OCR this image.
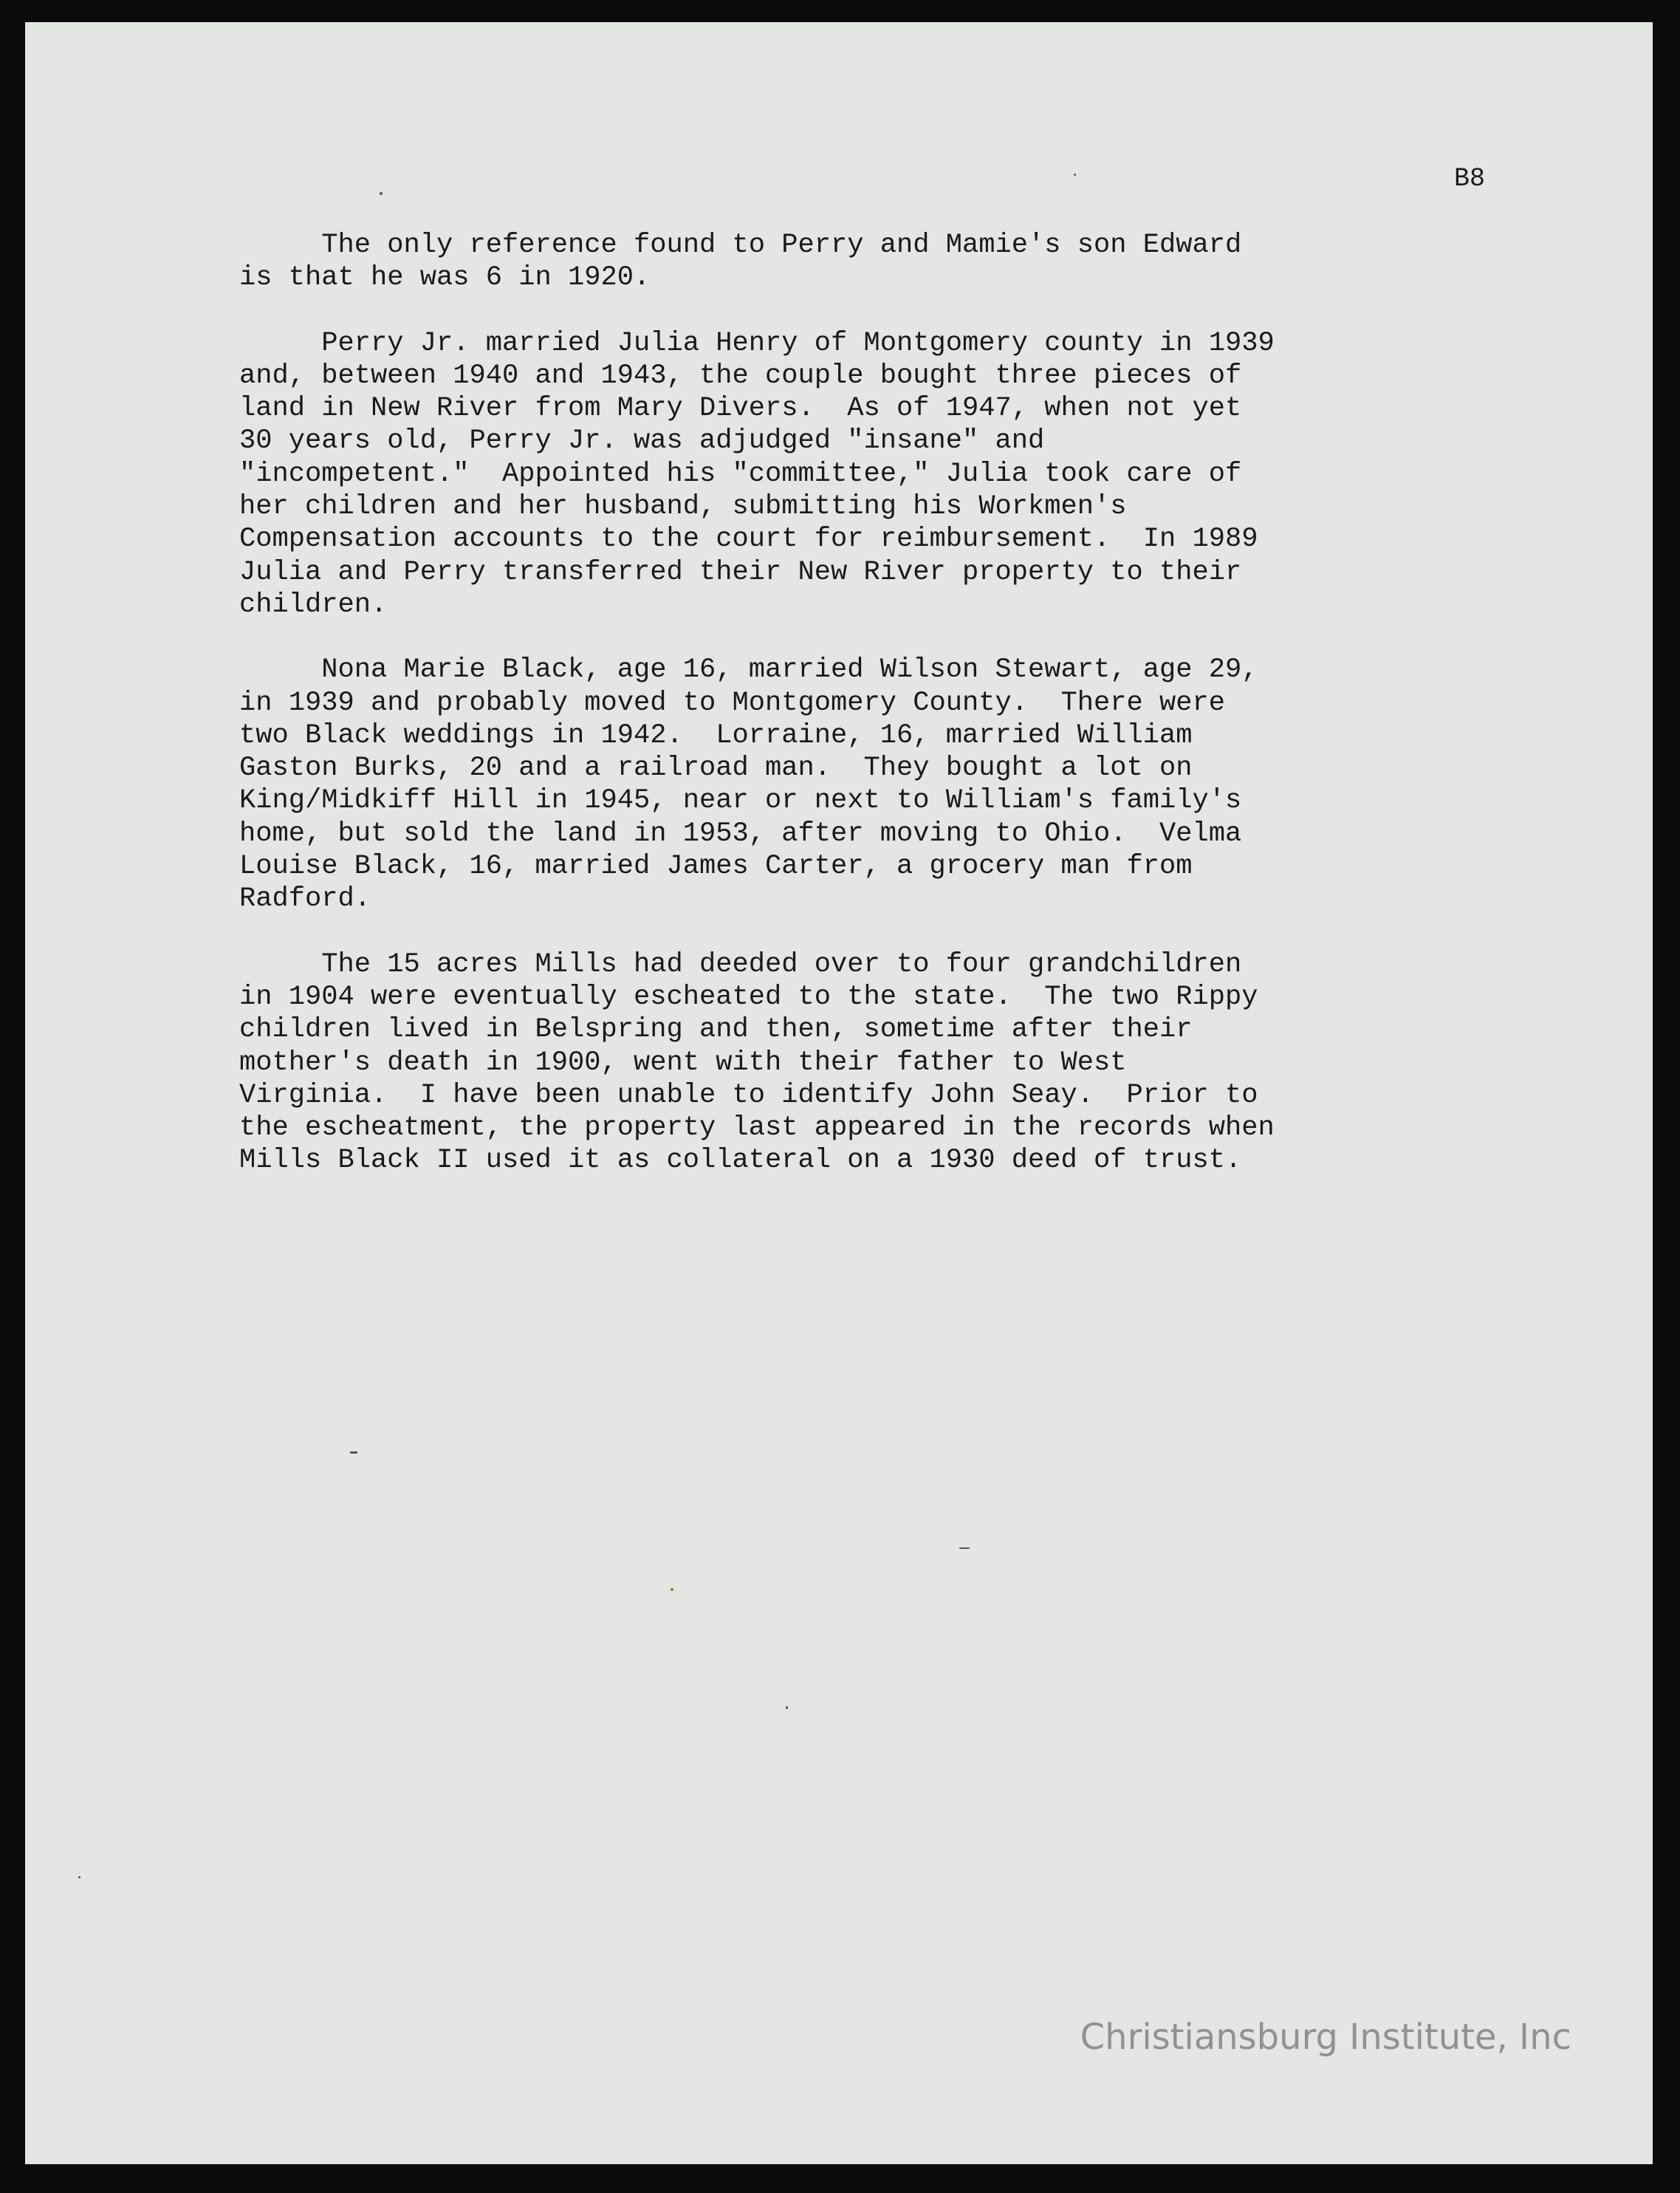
B8

The only reference found to Perry and Mamie's son Edward
is that he was 6 in 1920.

Perry Jr. married Julia Henry of Montgomery county in 1939
and, between 1940 and 1943, the couple bought three pieces of
land in New River from Mary Divers.  As of 1947, when not yet
30 years old, Perry Jr. was adjudged "insane" and
"incompetent."  Appointed his "committee," Julia took care of
her children and her husband, submitting his Workmen's
Compensation accounts to the court for reimbursement.  In 1989
Julia and Perry transferred their New River property to their
children.

Nona Marie Black, age 16, married Wilson Stewart, age 29,
in 1939 and probably moved to Montgomery County.  There were
two Black weddings in 1942.  Lorraine, 16, married William
Gaston Burks, 20 and a railroad man.  They bought a lot on
King/Midkiff Hill in 1945, near or next to William's family's
home, but sold the land in 1953, after moving to Ohio.  Velma
Louise Black, 16, married James Carter, a grocery man from
Radford.

The 15 acres Mills had deeded over to four grandchildren
in 1904 were eventually escheated to the state.  The two Rippy
children lived in Belspring and then, sometime after their
mother's death in 1900, went with their father to West
Virginia.  I have been unable to identify John Seay.  Prior to
the escheatment, the property last appeared in the records when
Mills Black II used it as collateral on a 1930 deed of trust.

Christiansburg Institute, Inc
